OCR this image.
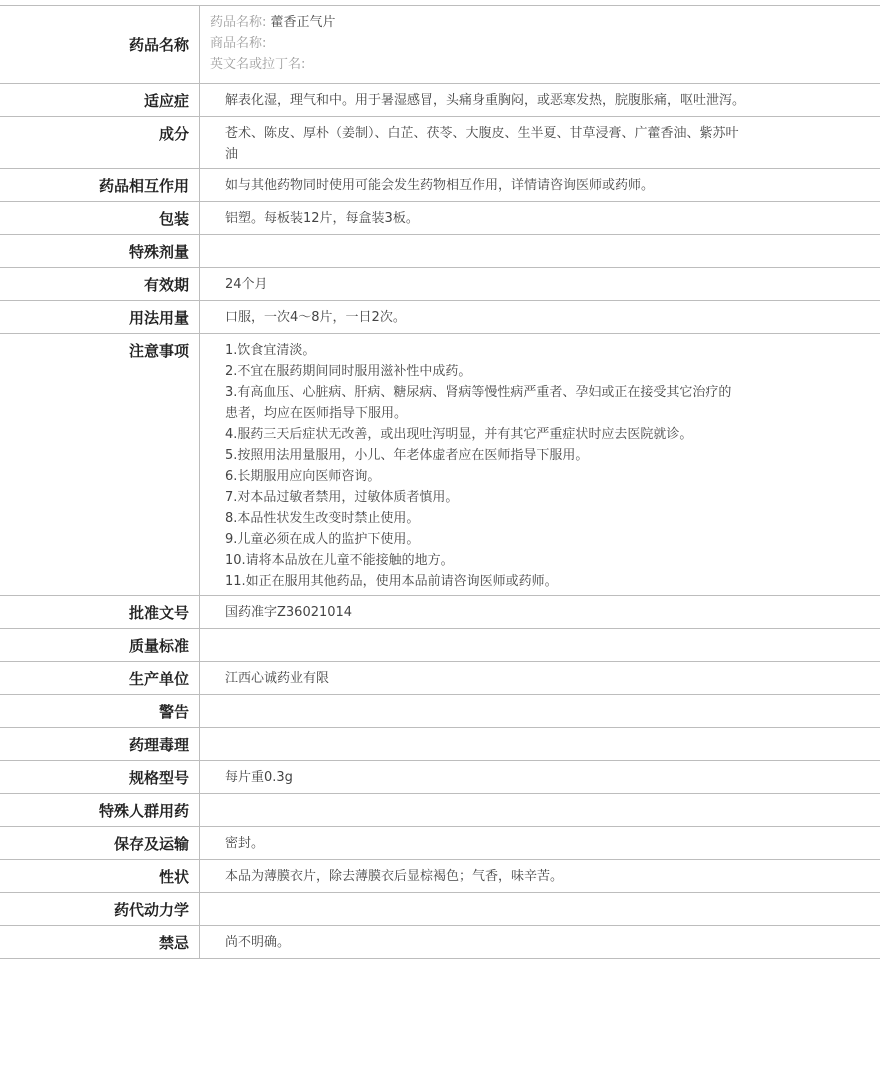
药品名称
药品名称: 藿香正气片
商品名称:
英文名或拉丁名:
适应症	解表化湿，理气和中。用于暑湿感冒，头痛身重胸闷，或恶寒发热，脘腹胀痛，呕吐泄泻。
成分	苍术、陈皮、厚朴（姜制）、白芷、茯苓、大腹皮、生半夏、甘草浸膏、广藿香油、紫苏叶
油
药品相互作用	如与其他药物同时使用可能会发生药物相互作用，详情请咨询医师或药师。
包装	铝塑。每板装12片，每盒装3板。
特殊剂量
有效期	24个月
用法用量	口服，一次4～8片，一日2次。
注意事项	1.饮食宜清淡。
2.不宜在服药期间同时服用滋补性中成药。
3.有高血压、心脏病、肝病、糖尿病、肾病等慢性病严重者、孕妇或正在接受其它治疗的
患者，均应在医师指导下服用。
4.服药三天后症状无改善，或出现吐泻明显，并有其它严重症状时应去医院就诊。
5.按照用法用量服用，小儿、年老体虚者应在医师指导下服用。
6.长期服用应向医师咨询。
7.对本品过敏者禁用，过敏体质者慎用。
8.本品性状发生改变时禁止使用。
9.儿童必须在成人的监护下使用。
10.请将本品放在儿童不能接触的地方。
11.如正在服用其他药品，使用本品前请咨询医师或药师。
批准文号	国药准字Z36021014
质量标准
生产单位	江西心诚药业有限
警告
药理毒理
规格型号	每片重0.3g
特殊人群用药
保存及运输	密封。
性状	本品为薄膜衣片，除去薄膜衣后显棕褐色；气香，味辛苦。
药代动力学
禁忌	尚不明确。
